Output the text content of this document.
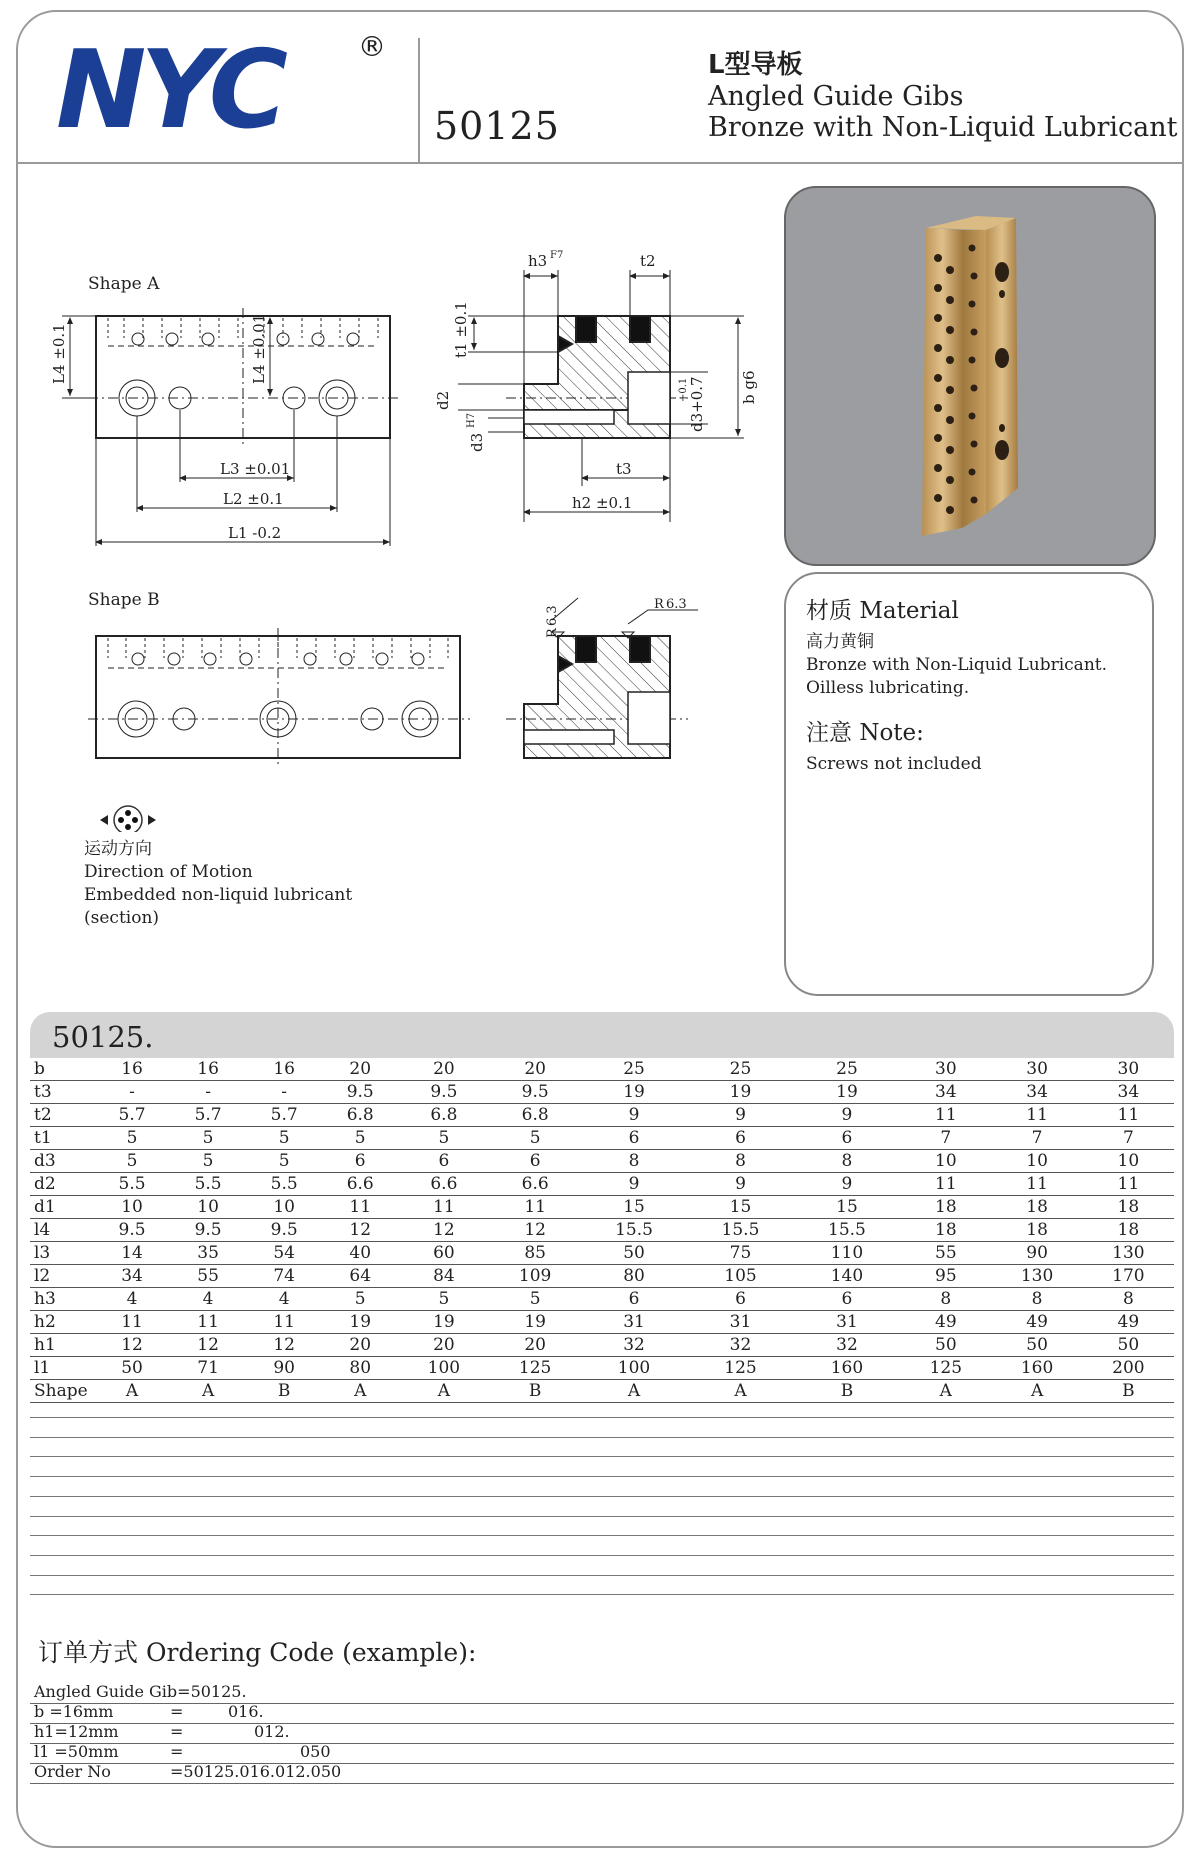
NYC	®
50125
L型导板
Angled Guide Gibs
Bronze with Non-Liquid Lubricant
Shape A
Shape B
L3 ±0.01
L2 ±0.1
L1 -0.2
L4 ±0.1	L4 ±0.01
h3 F7	t2
t1 ±0.1
d2
d3
H7	d3+0.7
+0.1	b g6
t3
h2 ±0.1
R
6.3
R 6.3	材质 Material
高力黄铜
Bronze with Non-Liquid Lubricant.
Oilless lubricating.
注意 Note:
Screws not included
运动方向
Direction of Motion
Embedded non-liquid lubricant
(section)
50125.
b	16	16	16	20	20	20	25	25	25	30	30	30
t3	-	-	-	9.5	9.5	9.5	19	19	19	34	34	34
t2	5.7	5.7	5.7	6.8	6.8	6.8	9	9	9	11	11	11
t1	5	5	5	5	5	5	6	6	6	7	7	7
d3	5	5	5	6	6	6	8	8	8	10	10	10
d2	5.5	5.5	5.5	6.6	6.6	6.6	9	9	9	11	11	11
d1	10	10	10	11	11	11	15	15	15	18	18	18
l4	9.5	9.5	9.5	12	12	12	15.5	15.5	15.5	18	18	18
l3	14	35	54	40	60	85	50	75	110	55	90	130
l2	34	55	74	64	84	109	80	105	140	95	130	170
h3	4	4	4	5	5	5	6	6	6	8	8	8
h2	11	11	11	19	19	19	31	31	31	49	49	49
h1	12	12	12	20	20	20	32	32	32	50	50	50
l1	50	71	90	80	100	125	100	125	160	125	160	200
Shape	A	A	B	A	A	B	A	A	B	A	A	B
订单方式 Ordering Code (example):
Angled Guide Gib=50125.
b =16mm	=	016.
h1=12mm	=	012.
l1 =50mm	=	050
Order No	=50125.016.012.050
